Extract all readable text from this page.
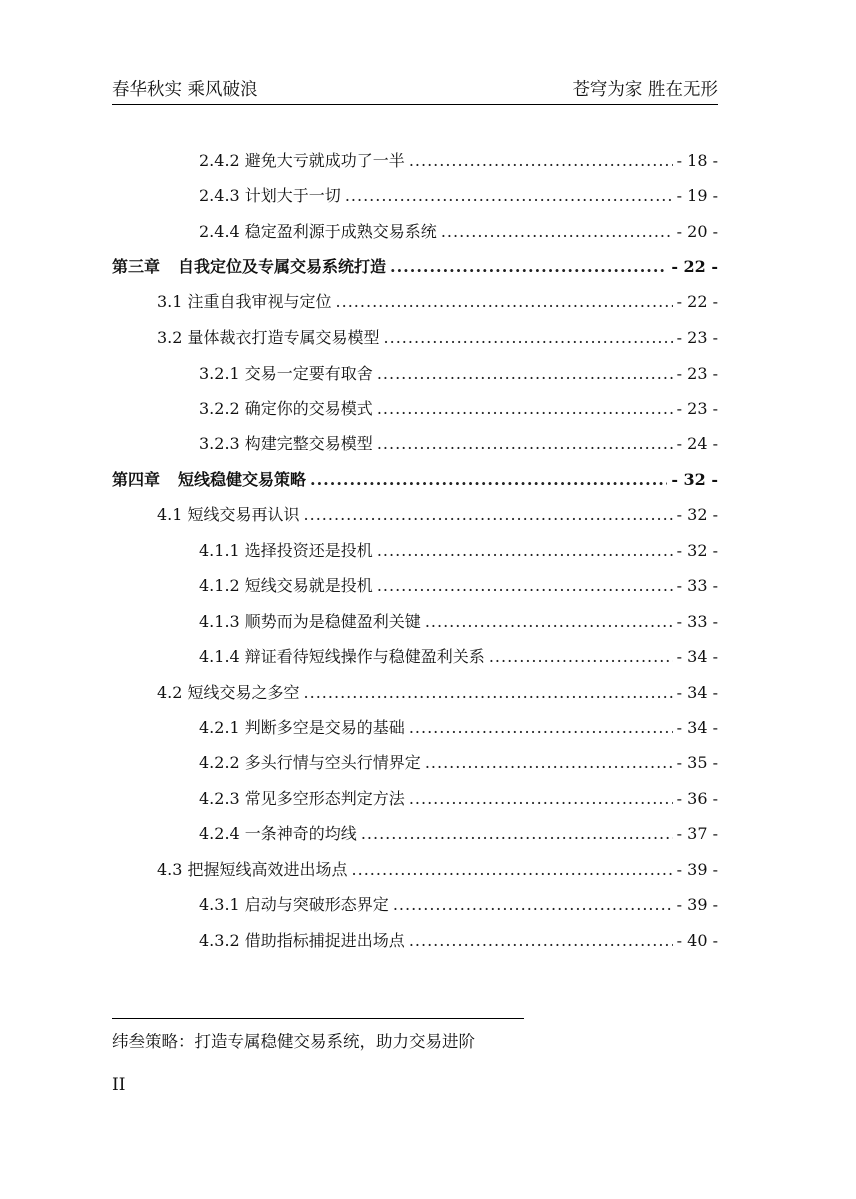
春华秋实 乘风破浪	苍穹为家 胜在无形
2.4.2 避免大亏就成功了一半 .....	- 18 -
2.4.3 计划大于一切 .....	- 19 -
2.4.4 稳定盈利源于成熟交易系统 .....	- 20 -
第三章 自我定位及专属交易系统打造 .....	- 22 -
3.1 注重自我审视与定位 .....	- 22 -
3.2 量体裁衣打造专属交易模型 .....	- 23 -
3.2.1 交易一定要有取舍 .....	- 23 -
3.2.2 确定你的交易模式 .....	- 23 -
3.2.3 构建完整交易模型 .....	- 24 -
第四章 短线稳健交易策略 .....	- 32 -
4.1 短线交易再认识 .....	- 32 -
4.1.1 选择投资还是投机 .....	- 32 -
4.1.2 短线交易就是投机 .....	- 33 -
4.1.3 顺势而为是稳健盈利关键 .....	- 33 -
4.1.4 辩证看待短线操作与稳健盈利关系 .....	- 34 -
4.2 短线交易之多空 .....	- 34 -
4.2.1 判断多空是交易的基础 .....	- 34 -
4.2.2 多头行情与空头行情界定 .....	- 35 -
4.2.3 常见多空形态判定方法 .....	- 36 -
4.2.4 一条神奇的均线 .....	- 37 -
4.3 把握短线高效进出场点 .....	- 39 -
4.3.1 启动与突破形态界定 .....	- 39 -
4.3.2 借助指标捕捉进出场点 .....	- 40 -
纬叁策略：打造专属稳健交易系统，助力交易进阶
II
